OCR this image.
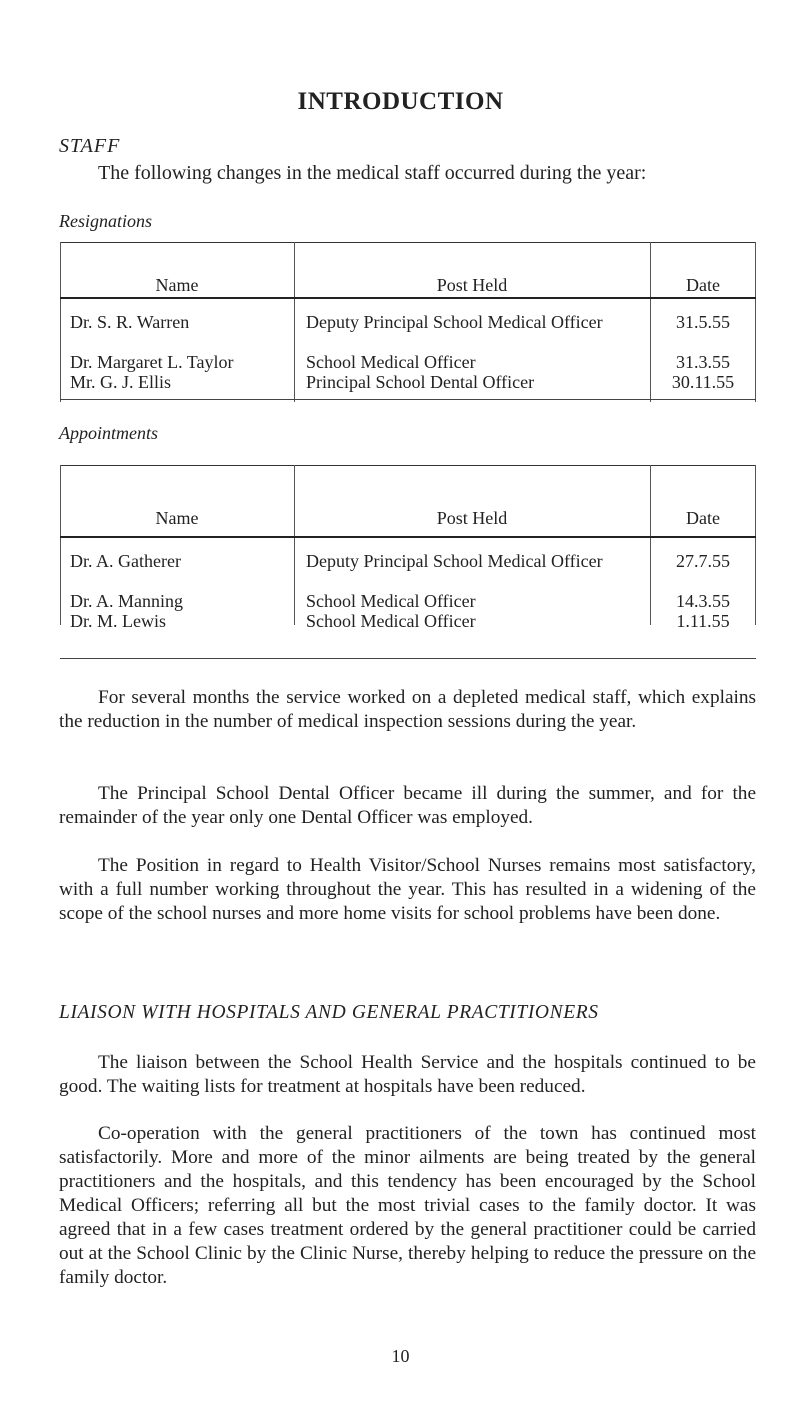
INTRODUCTION
STAFF
The following changes in the medical staff occurred during the year:
Resignations
Name	Post Held	Date
Dr. S. R. Warren	Deputy Principal School Medical Officer	31.5.55
Dr. Margaret L. Taylor	School Medical Officer	31.3.55
Mr. G. J. Ellis	Principal School Dental Officer	30.11.55
Appointments
Name	Post Held	Date
Dr. A. Gatherer	Deputy Principal School Medical Officer	27.7.55
Dr. A. Manning	School Medical Officer	14.3.55
Dr. M. Lewis	School Medical Officer	1.11.55
For several months the service worked on a depleted medical staff, which explains the reduction in the number of medical inspection sessions during the year.
The Principal School Dental Officer became ill during the summer, and for the remainder of the year only one Dental Officer was employed.
The Position in regard to Health Visitor/School Nurses remains most satisfactory, with a full number working throughout the year. This has resulted in a widening of the scope of the school nurses and more home visits for school problems have been done.
LIAISON WITH HOSPITALS AND GENERAL PRACTITIONERS
The liaison between the School Health Service and the hospitals continued to be good. The waiting lists for treatment at hospitals have been reduced.
Co-operation with the general practitioners of the town has continued most satisfactorily. More and more of the minor ailments are being treated by the general practitioners and the hospitals, and this tendency has been encouraged by the School Medical Officers; referring all but the most trivial cases to the family doctor. It was agreed that in a few cases treatment ordered by the general practitioner could be carried out at the School Clinic by the Clinic Nurse, thereby helping to reduce the pressure on the family doctor.
10
